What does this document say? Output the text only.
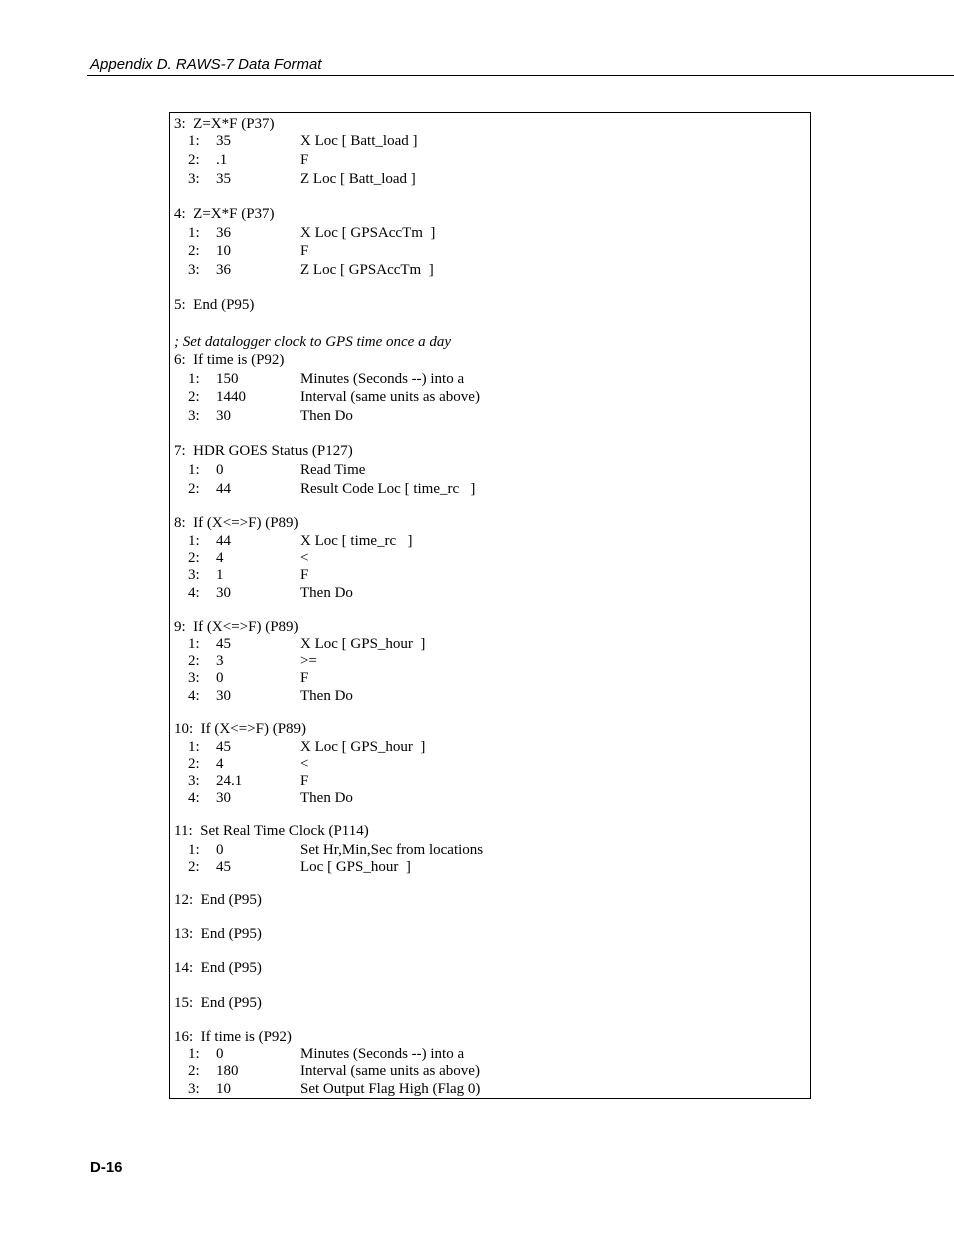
Appendix D. RAWS-7 Data Format
3:  Z=X*F (P37)
1: 35	X Loc [ Batt_load ]
2: .1	F
3: 35	Z Loc [ Batt_load ]
4:  Z=X*F (P37)
1: 36	X Loc [ GPSAccTm  ]
2: 10	F
3: 36	Z Loc [ GPSAccTm  ]
5:  End (P95)
; Set datalogger clock to GPS time once a day
6:  If time is (P92)
1: 150	Minutes (Seconds --) into a
2: 1440	Interval (same units as above)
3: 30	Then Do
7:  HDR GOES Status (P127)
1: 0	Read Time
2: 44	Result Code Loc [ time_rc   ]
8:  If (X<=>F) (P89)
1: 44	X Loc [ time_rc   ]
2: 4	<
3: 1	F
4: 30	Then Do
9:  If (X<=>F) (P89)
1: 45	X Loc [ GPS_hour  ]
2: 3	>=
3: 0	F
4: 30	Then Do
10:  If (X<=>F) (P89)
1: 45	X Loc [ GPS_hour  ]
2: 4	<
3: 24.1	F
4: 30	Then Do
11:  Set Real Time Clock (P114)
1: 0	Set Hr,Min,Sec from locations
2: 45	Loc [ GPS_hour  ]
12:  End (P95)
13:  End (P95)
14:  End (P95)
15:  End (P95)
16:  If time is (P92)
1: 0	Minutes (Seconds --) into a
2: 180	Interval (same units as above)
3: 10	Set Output Flag High (Flag 0)
D-16
